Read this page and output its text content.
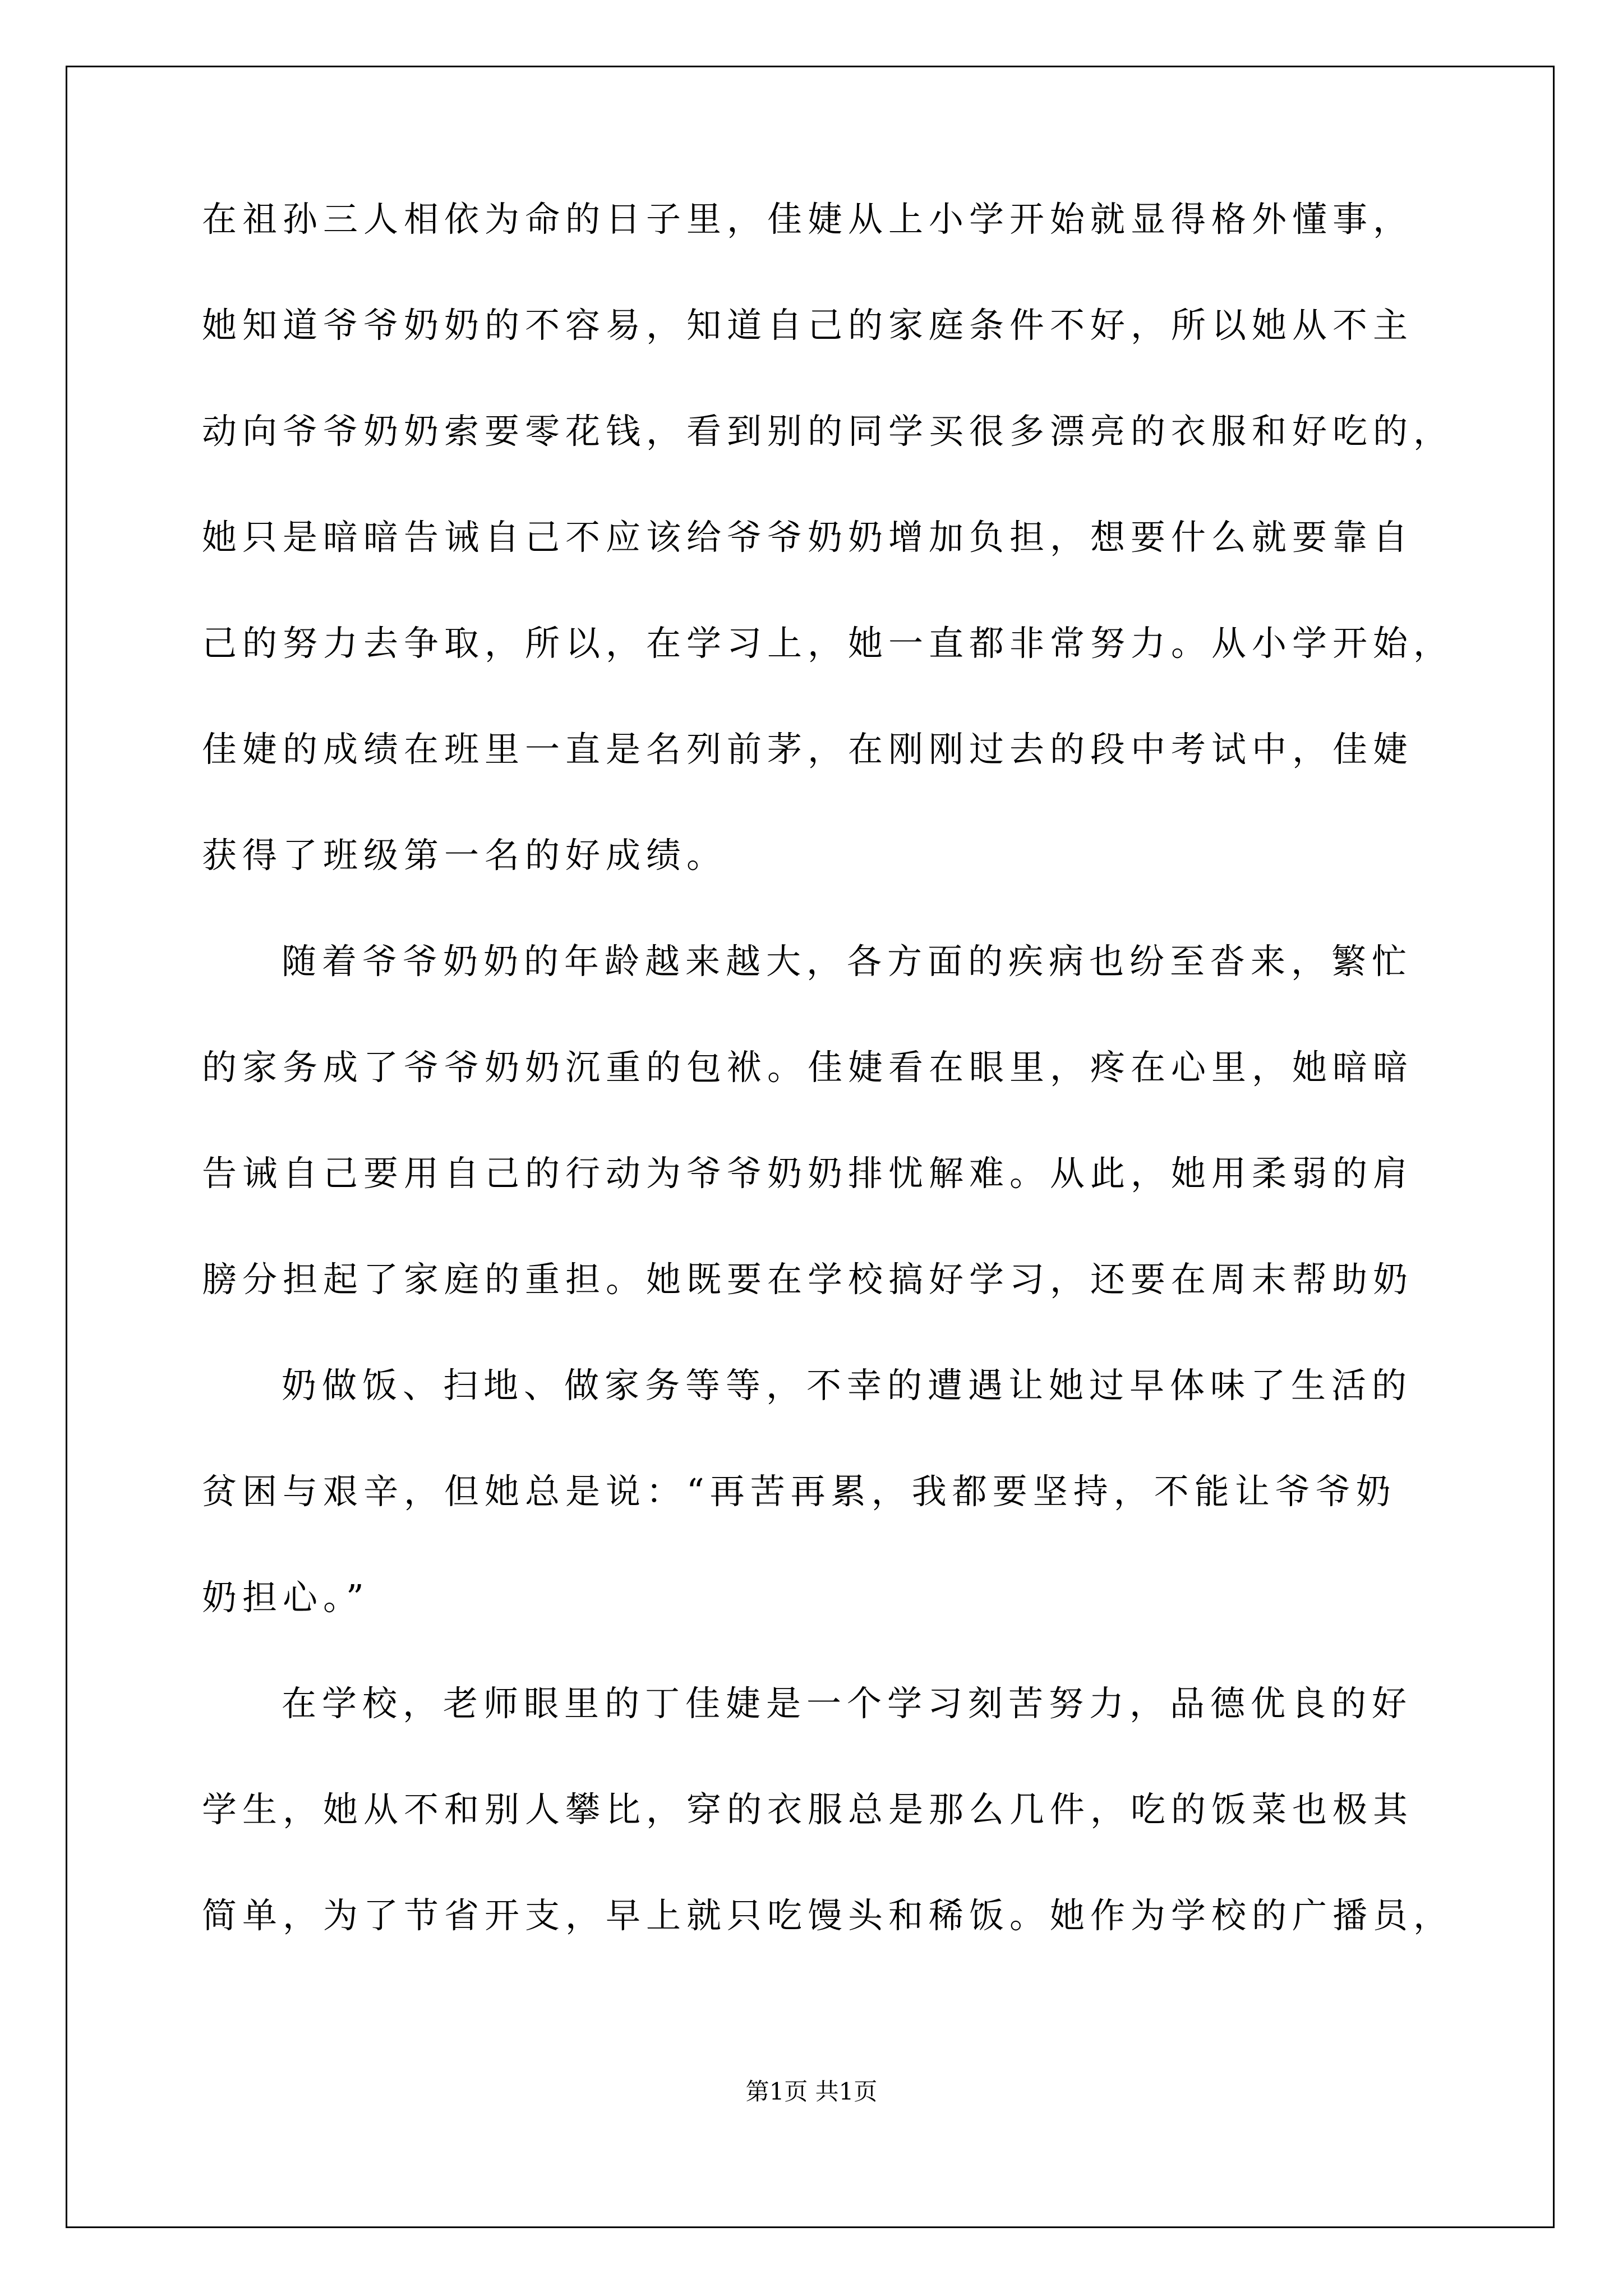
在祖孙三人相依为命的日子里，佳婕从上小学开始就显得格外懂事，
她知道爷爷奶奶的不容易，知道自己的家庭条件不好，所以她从不主
动向爷爷奶奶索要零花钱，看到别的同学买很多漂亮的衣服和好吃的，
她只是暗暗告诫自己不应该给爷爷奶奶增加负担，想要什么就要靠自
己的努力去争取，所以，在学习上，她一直都非常努力。从小学开始，
佳婕的成绩在班里一直是名列前茅，在刚刚过去的段中考试中，佳婕
获得了班级第一名的好成绩。
随着爷爷奶奶的年龄越来越大，各方面的疾病也纷至沓来，繁忙
的家务成了爷爷奶奶沉重的包袱。佳婕看在眼里，疼在心里，她暗暗
告诫自己要用自己的行动为爷爷奶奶排忧解难。从此，她用柔弱的肩
膀分担起了家庭的重担。她既要在学校搞好学习，还要在周末帮助奶
奶做饭、扫地、做家务等等，不幸的遭遇让她过早体味了生活的
贫困与艰辛，但她总是说：“再苦再累，我都要坚持，不能让爷爷奶
奶担心。”
在学校，老师眼里的丁佳婕是一个学习刻苦努力，品德优良的好
学生，她从不和别人攀比，穿的衣服总是那么几件，吃的饭菜也极其
简单，为了节省开支，早上就只吃馒头和稀饭。她作为学校的广播员，
第1页 共1页
